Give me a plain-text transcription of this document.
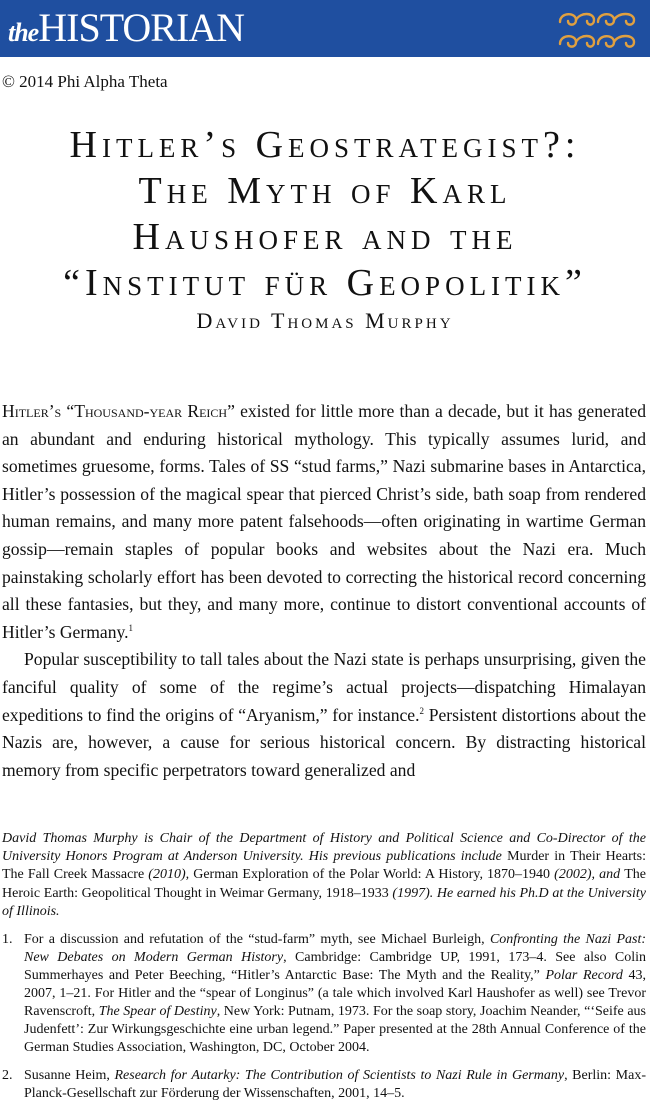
theHISTORIAN
© 2014 Phi Alpha Theta
Hitler’s Geostrategist?:
The Myth of Karl
Haushofer and the
“Institut für Geopolitik”
David Thomas Murphy

Hitler’s “Thousand-year Reich” existed for little more than a decade, but it has generated an abundant and enduring historical mythology. This typically assumes lurid, and sometimes gruesome, forms. Tales of SS “stud farms,” Nazi submarine bases in Antarctica, Hitler’s possession of the magical spear that pierced Christ’s side, bath soap from rendered human remains, and many more patent falsehoods—often originating in wartime German gossip—remain staples of popular books and websites about the Nazi era. Much painstaking scholarly effort has been devoted to correcting the historical record concerning all these fantasies, but they, and many more, continue to distort conventional accounts of Hitler’s Germany.$^1$

Popular susceptibility to tall tales about the Nazi state is perhaps unsurprising, given the fanciful quality of some of the regime’s actual projects—dispatching Himalayan expeditions to find the origins of “Aryanism,” for instance.$^2$ Persistent distortions about the Nazis are, however, a cause for serious historical concern. By distracting historical memory from specific perpetrators toward generalized and

David Thomas Murphy is Chair of the Department of History and Political Science and Co-Director of the University Honors Program at Anderson University. His previous publications include Murder in Their Hearts: The Fall Creek Massacre (2010), German Exploration of the Polar World: A History, 1870–1940 (2002), and The Heroic Earth: Geopolitical Thought in Weimar Germany, 1918–1933 (1997). He earned his Ph.D at the University of Illinois.
1. For a discussion and refutation of the “stud-farm” myth, see Michael Burleigh, Confronting the Nazi Past: New Debates on Modern German History, Cambridge: Cambridge UP, 1991, 173–4. See also Colin Summerhayes and Peter Beeching, “Hitler’s Antarctic Base: The Myth and the Reality,” Polar Record 43, 2007, 1–21. For Hitler and the “spear of Longinus” (a tale which involved Karl Haushofer as well) see Trevor Ravenscroft, The Spear of Destiny, New York: Putnam, 1973. For the soap story, Joachim Neander, “‘Seife aus Judenfett’: Zur Wirkungsgeschichte eine urban legend.” Paper presented at the 28th Annual Conference of the German Studies Association, Washington, DC, October 2004.
2. Susanne Heim, Research for Autarky: The Contribution of Scientists to Nazi Rule in Germany, Berlin: Max-Planck-Gesellschaft zur Förderung der Wissenschaften, 2001, 14–5.
